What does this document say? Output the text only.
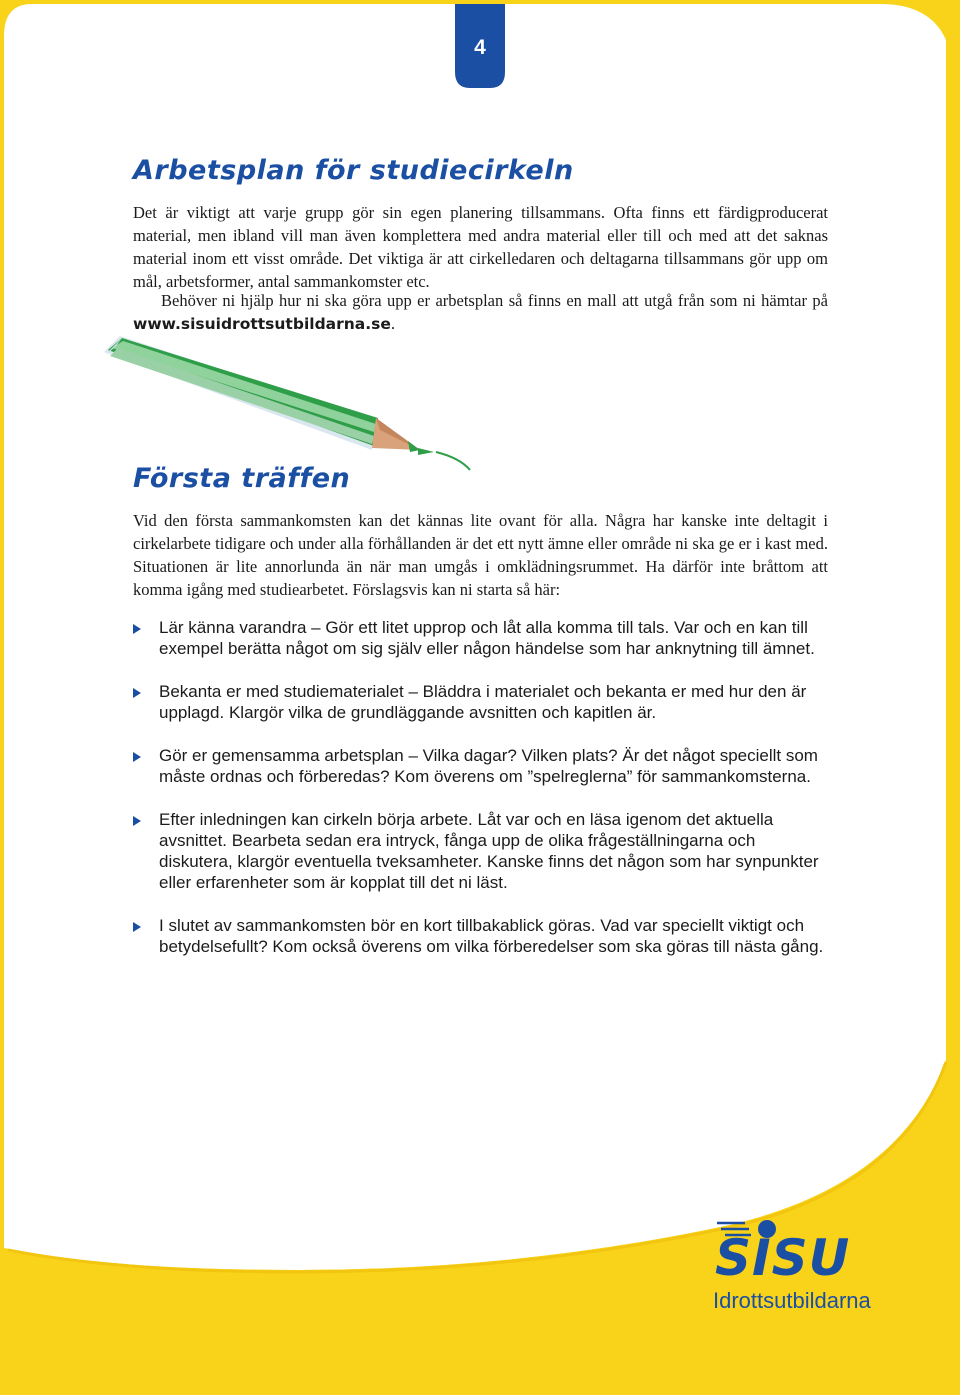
4
Arbetsplan för studiecirkeln

Det är viktigt att varje grupp gör sin egen planering tillsammans. Ofta finns ett färdigproducerat material, men ibland vill man även komplettera med andra material eller till och med att det saknas material inom ett visst område. Det viktiga är att cirkelledaren och deltagarna tillsammans gör upp om mål, arbetsformer, antal sammankomster etc.

Behöver ni hjälp hur ni ska göra upp er arbetsplan så finns en mall att utgå från som ni hämtar på www.sisuidrottsutbildarna.se.

Första träffen

Vid den första sammankomsten kan det kännas lite ovant för alla. Några har kanske inte deltagit i cirkelarbete tidigare och under alla förhållanden är det ett nytt ämne eller område ni ska ge er i kast med. Situationen är lite annorlunda än när man umgås i omklädningsrummet. Ha därför inte bråttom att komma igång med studiearbetet. Förslagsvis kan ni starta så här:

Lär känna varandra – Gör ett litet upprop och låt alla komma till tals. Var och en kan till exempel berätta något om sig själv eller någon händelse som har anknytning till ämnet.
Bekanta er med studiematerialet – Bläddra i materialet och bekanta er med hur den är upplagd. Klargör vilka de grundläggande avsnitten och kapitlen är.
Gör er gemensamma arbetsplan – Vilka dagar? Vilken plats? Är det något speciellt som måste ordnas och förberedas? Kom överens om ”spelreglerna” för sammankomsterna.
Efter inledningen kan cirkeln börja arbete. Låt var och en läsa igenom det aktuella avsnittet. Bearbeta sedan era intryck, fånga upp de olika frågeställningarna och diskutera, klargör eventuella tveksamheter. Kanske finns det någon som har synpunkter eller erfarenheter som är kopplat till det ni läst.
I slutet av sammankomsten bör en kort tillbakablick göras. Vad var speciellt viktigt och betydelsefullt? Kom också överens om vilka förberedelser som ska göras till nästa gång.
SISU
Idrottsutbildarna
